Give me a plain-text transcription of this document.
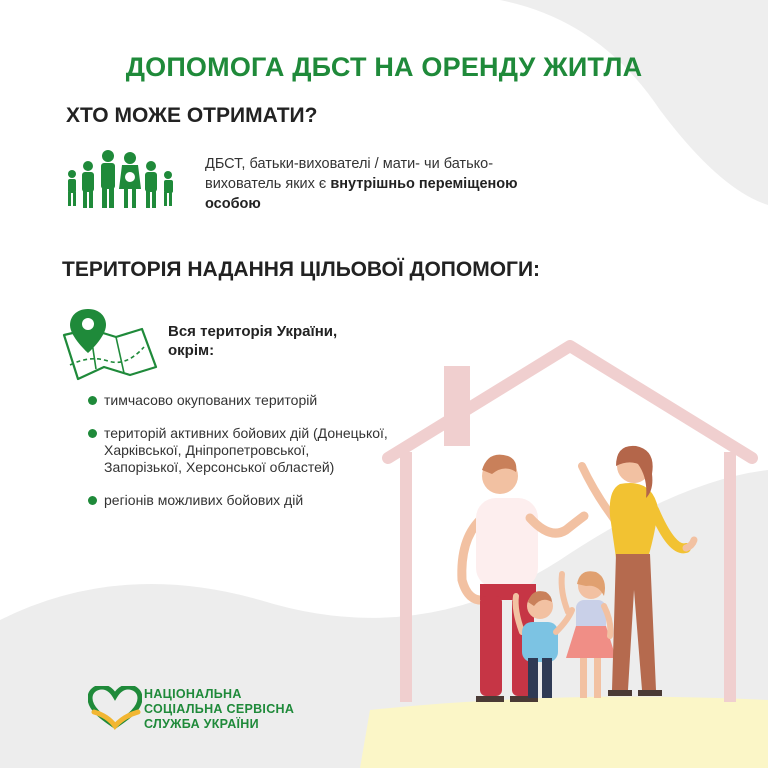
ДОПОМОГА ДБСТ НА ОРЕНДУ ЖИТЛА
ХТО МОЖЕ ОТРИМАТИ?
ДБСТ, батьки-вихователі / мати- чи батько-вихователь яких є внутрішньо переміщеною особою
ТЕРИТОРІЯ НАДАННЯ ЦІЛЬОВОЇ ДОПОМОГИ:
Вся територія України,
окрім:
тимчасово окупованих територій
територій активних бойових дій (Донецької, Харківської, Дніпропетровської, Запорізької, Херсонської областей)
регіонів можливих бойових дій
НАЦІОНАЛЬНА
СОЦІАЛЬНА СЕРВІСНА
СЛУЖБА УКРАЇНИ
